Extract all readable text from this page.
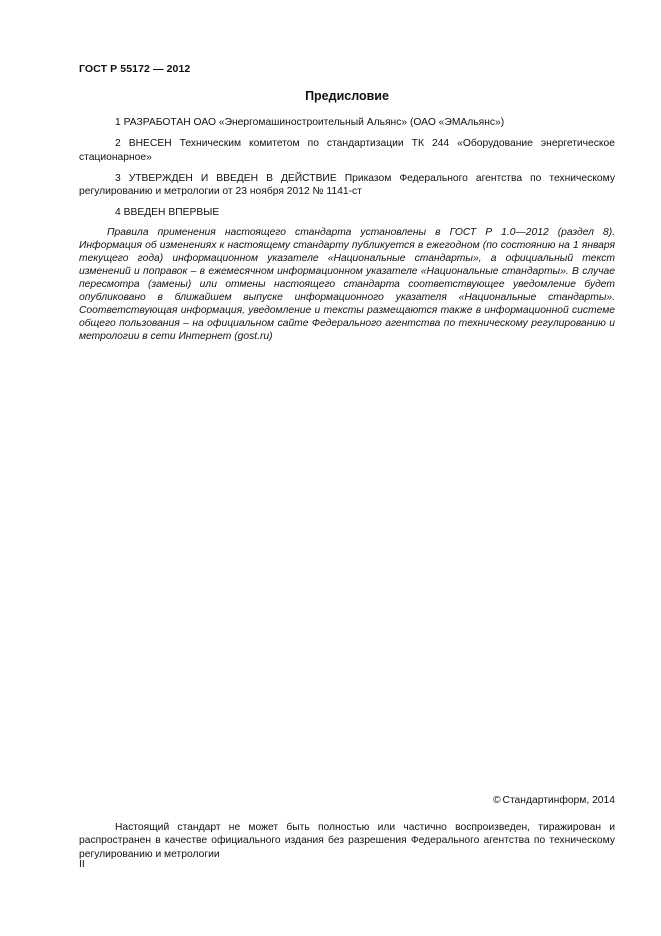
ГОСТ Р 55172 — 2012
Предисловие

1 РАЗРАБОТАН ОАО «Энергомашиностроительный Альянс» (ОАО «ЭМАльянс»)

2 ВНЕСЕН Техническим комитетом по стандартизации ТК 244 «Оборудование энергетическое стационарное»

3 УТВЕРЖДЕН И ВВЕДЕН В ДЕЙСТВИЕ Приказом Федерального агентства по техническому регулированию и метрологии от 23 ноября 2012 № 1141-ст

4 ВВЕДЕН ВПЕРВЫЕ

Правила применения настоящего стандарта установлены в ГОСТ Р 1.0—2012 (раздел 8). Информация об изменениях к настоящему стандарту публикуется в ежегодном (по состоянию на 1 января текущего года) информационном указателе «Национальные стандарты», а официальный текст изменений и поправок – в ежемесячном информационном указателе «Национальные стандарты». В случае пересмотра (замены) или отмены настоящего стандарта соответствующее уведомление будет опубликовано в ближайшем выпуске информационного указателя «Национальные стандарты». Соответствующая информация, уведомление и тексты размещаются также в информационной системе общего пользования – на официальном сайте Федерального агентства по техническому регулированию и метрологии в сети Интернет (gost.ru)

© Стандартинформ, 2014

Настоящий стандарт не может быть полностью или частично воспроизведен, тиражирован и распространен в качестве официального издания без разрешения Федерального агентства по техническому регулированию и метрологии

II
